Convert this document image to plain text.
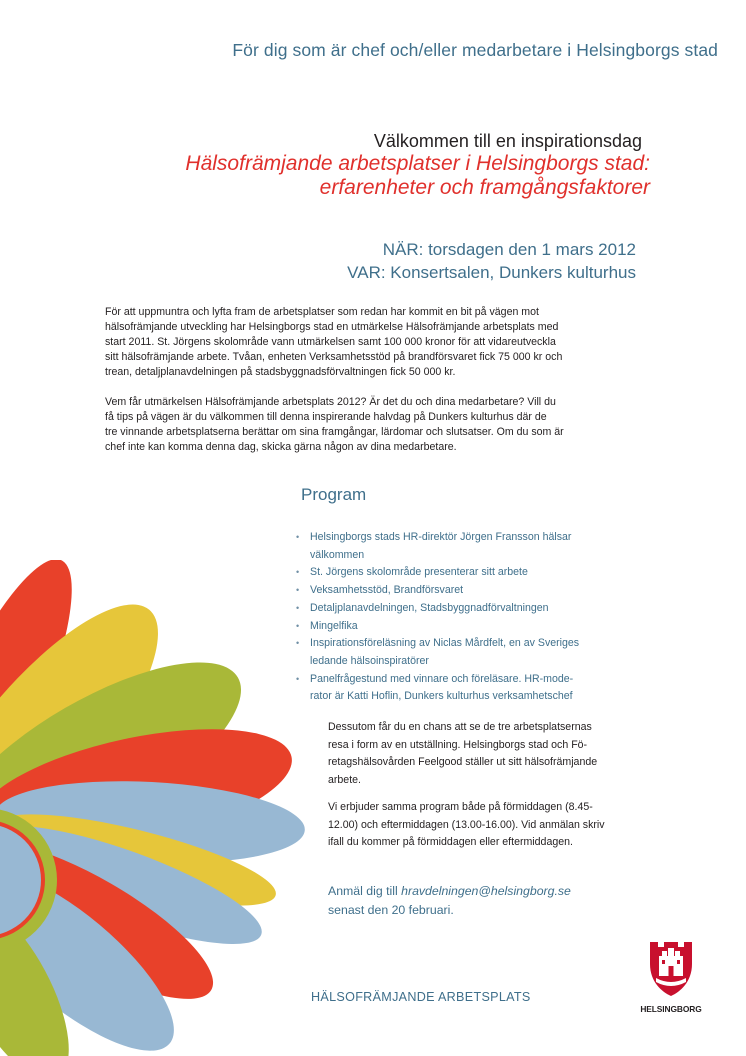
För dig som är chef och/eller medarbetare i Helsingborgs stad
Välkommen till en inspirationsdag
Hälsofrämjande arbetsplatser i Helsingborgs stad:
erfarenheter och framgångsfaktorer
NÄR: torsdagen den 1 mars 2012
VAR: Konsertsalen, Dunkers kulturhus
För att uppmuntra och lyfta fram de arbetsplatser som redan har kommit en bit på vägen mot
hälsofrämjande utveckling har Helsingborgs stad en utmärkelse Hälsofrämjande arbetsplats med
start 2011. St. Jörgens skolområde vann utmärkelsen samt 100 000 kronor för att vidareutveckla
sitt hälsofrämjande arbete. Tvåan, enheten Verksamhetsstöd på brandförsvaret fick 75 000 kr och
trean, detaljplanavdelningen på stadsbyggnadsförvaltningen fick 50 000 kr.
Vem får utmärkelsen Hälsofrämjande arbetsplats 2012? Är det du och dina medarbetare? Vill du
få tips på vägen är du välkommen till denna inspirerande halvdag på Dunkers kulturhus där de
tre vinnande arbetsplatserna berättar om sina framgångar, lärdomar och slutsatser. Om du som är
chef inte kan komma denna dag, skicka gärna någon av dina medarbetare.
Program
• Helsingborgs stads HR-direktör Jörgen Fransson hälsar
välkommen
• St. Jörgens skolområde presenterar sitt arbete
• Veksamhetsstöd, Brandförsvaret
• Detaljplanavdelningen, Stadsbyggnadförvaltningen
• Mingelfika
• Inspirationsföreläsning av Niclas Mårdfelt, en av Sveriges
ledande hälsoinspiratörer
• Panelfrågestund med vinnare och föreläsare. HR-mode-
rator är Katti Hoflin, Dunkers kulturhus verksamhetschef
Dessutom får du en chans att se de tre arbetsplatsernas
resa i form av en utställning. Helsingborgs stad och Fö-
retagshälsovården Feelgood ställer ut sitt hälsofrämjande
arbete.
Vi erbjuder samma program både på förmiddagen (8.45-
12.00) och eftermiddagen (13.00-16.00). Vid anmälan skriv
ifall du kommer på förmiddagen eller eftermiddagen.
Anmäl dig till hravdelningen@helsingborg.se
senast den 20 februari.
HÄLSOFRÄMJANDE ARBETSPLATS
HELSINGBORG
